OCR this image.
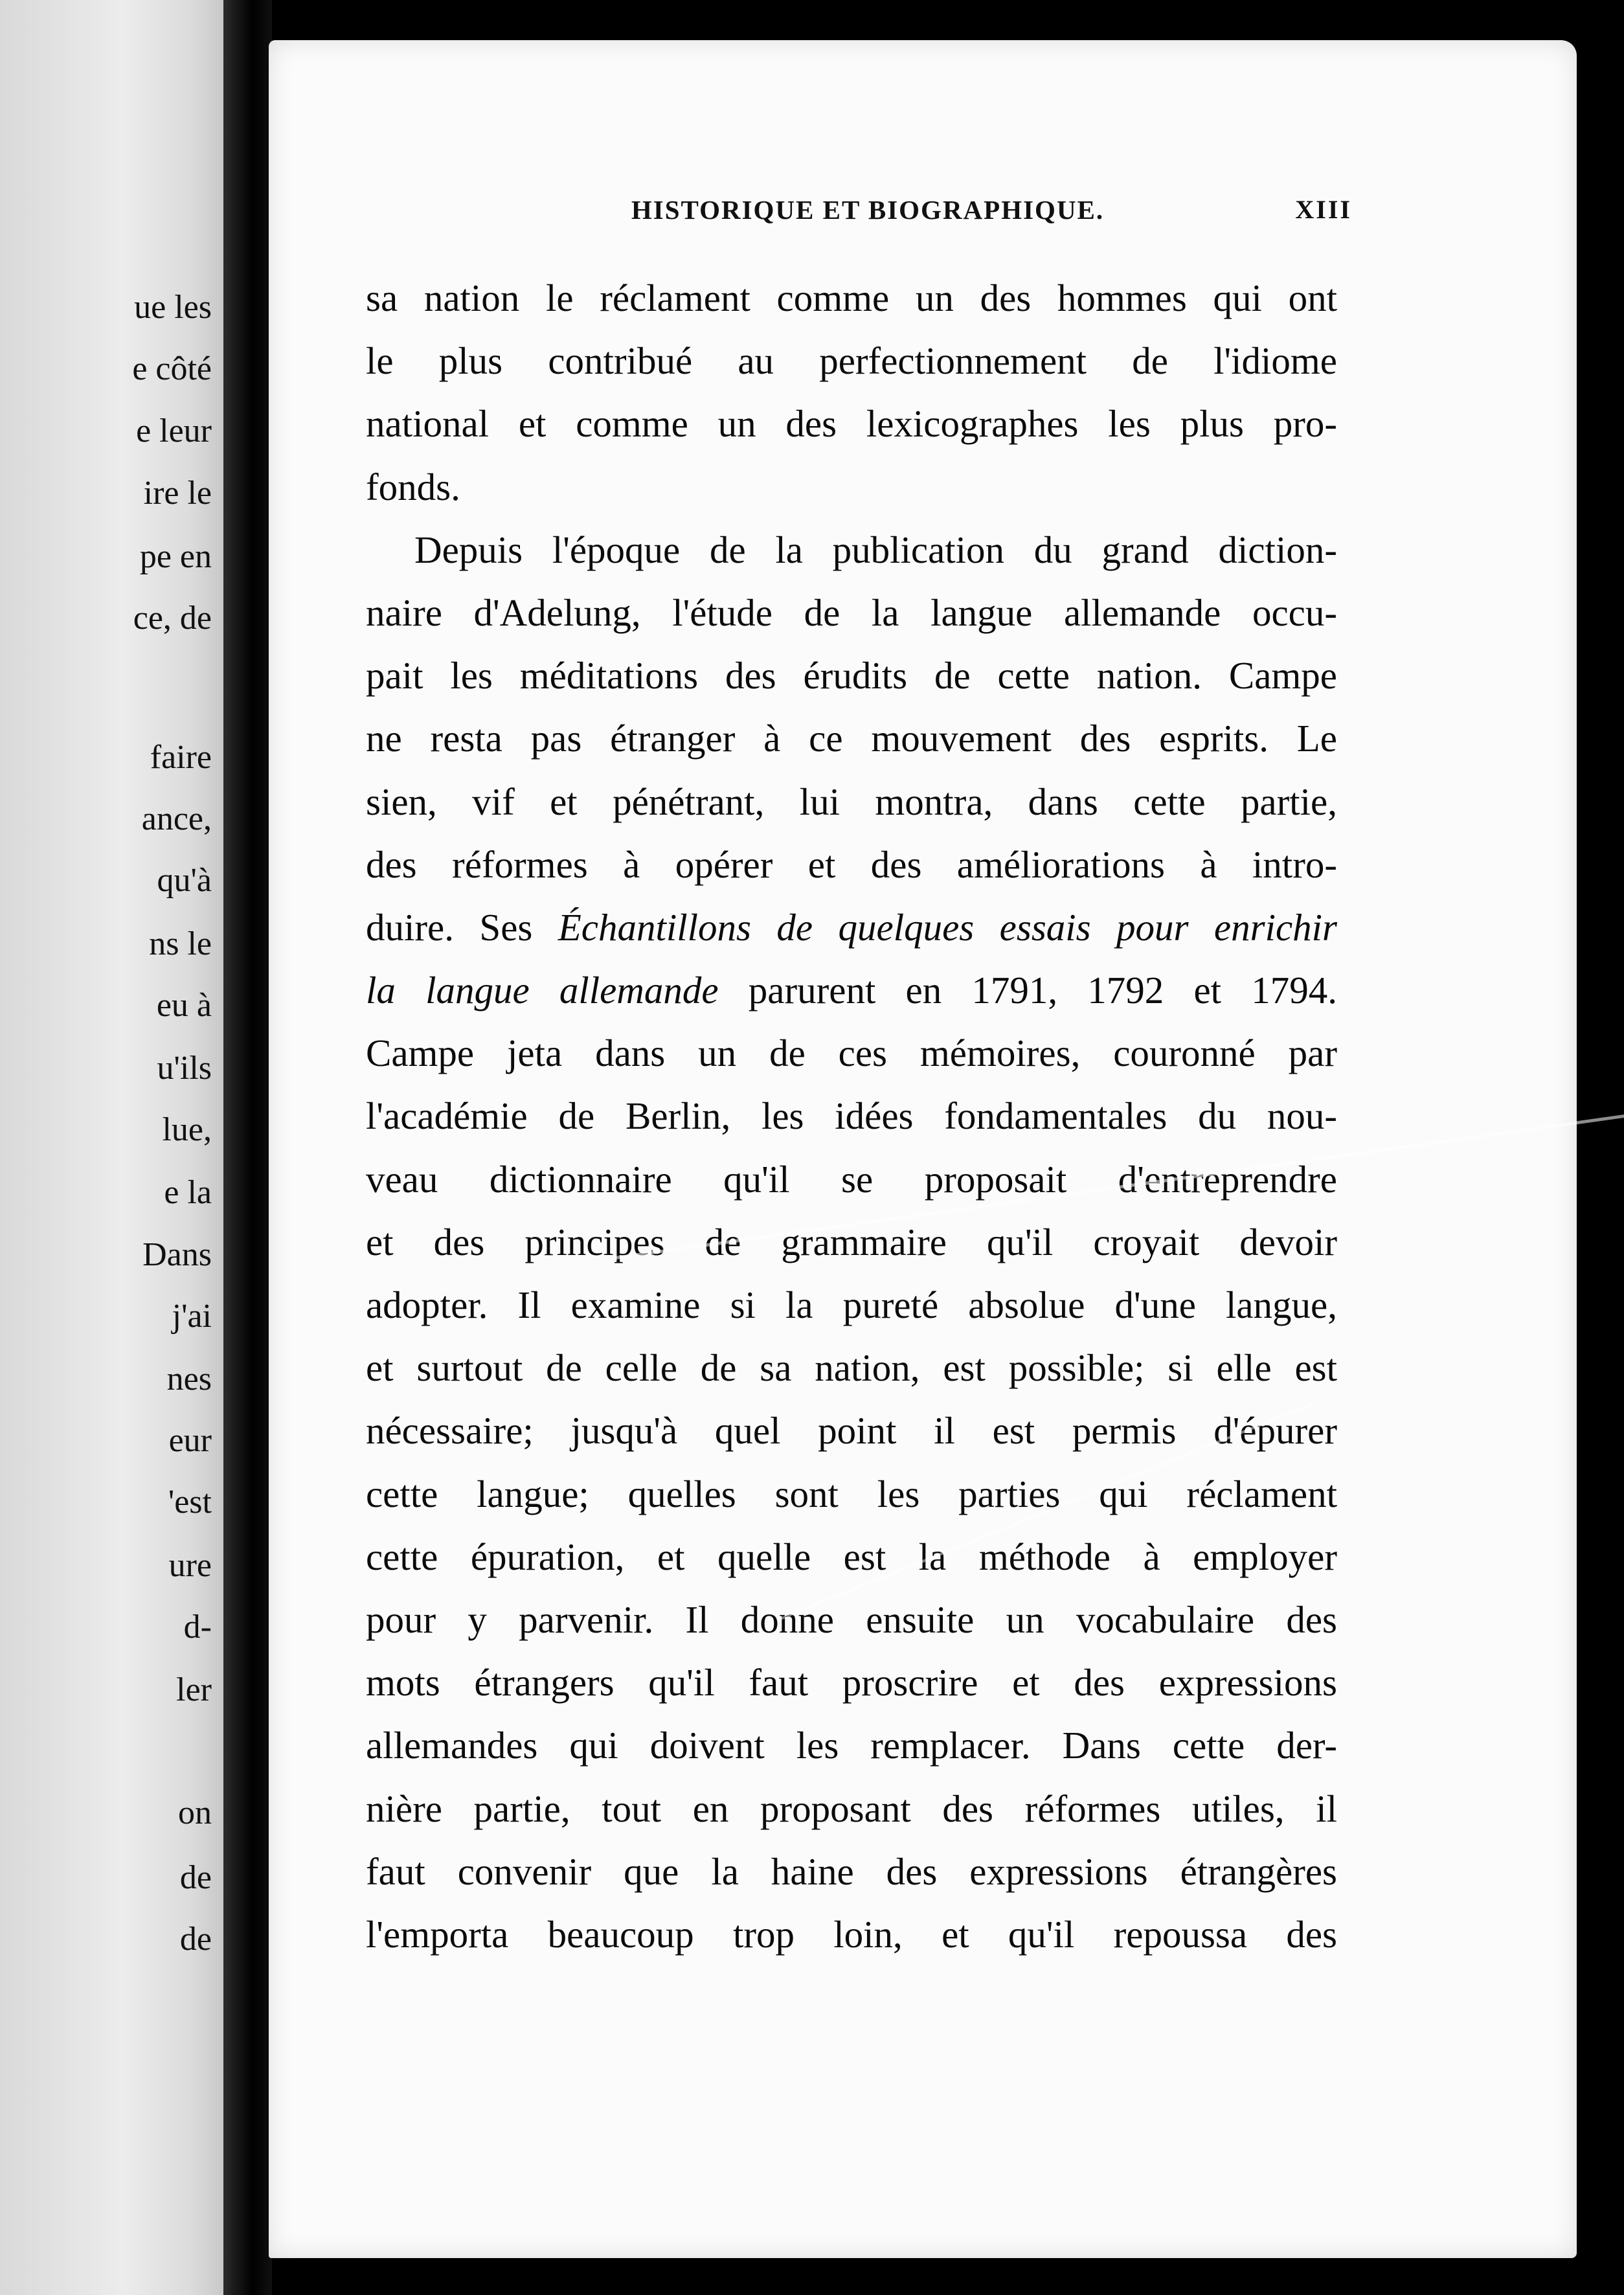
ue les
e côté
e leur
ire le
pe en
ce, de
faire
ance,
qu'à
ns le
eu à
u'ils
lue,
e la
Dans
j'ai
nes
eur
'est
ure
d-
ler
on
de
de
HISTORIQUE ET BIOGRAPHIQUE.	XIII
sa nation le réclament comme un des hommes qui ont
le plus contribué au perfectionnement de l'idiome
national et comme un des lexicographes les plus pro-
fonds.
Depuis l'époque de la publication du grand diction-
naire d'Adelung, l'étude de la langue allemande occu-
pait les méditations des érudits de cette nation. Campe
ne resta pas étranger à ce mouvement des esprits. Le
sien, vif et pénétrant, lui montra, dans cette partie,
des réformes à opérer et des améliorations à intro-
duire. Ses Échantillons de quelques essais pour enrichir
la langue allemande parurent en 1791, 1792 et 1794.
Campe jeta dans un de ces mémoires, couronné par
l'académie de Berlin, les idées fondamentales du nou-
veau dictionnaire qu'il se proposait d'entreprendre
et des principes de grammaire qu'il croyait devoir
adopter. Il examine si la pureté absolue d'une langue,
et surtout de celle de sa nation, est possible; si elle est
nécessaire; jusqu'à quel point il est permis d'épurer
cette langue; quelles sont les parties qui réclament
cette épuration, et quelle est la méthode à employer
pour y parvenir. Il donne ensuite un vocabulaire des
mots étrangers qu'il faut proscrire et des expressions
allemandes qui doivent les remplacer. Dans cette der-
nière partie, tout en proposant des réformes utiles, il
faut convenir que la haine des expressions étrangères
l'emporta beaucoup trop loin, et qu'il repoussa des
